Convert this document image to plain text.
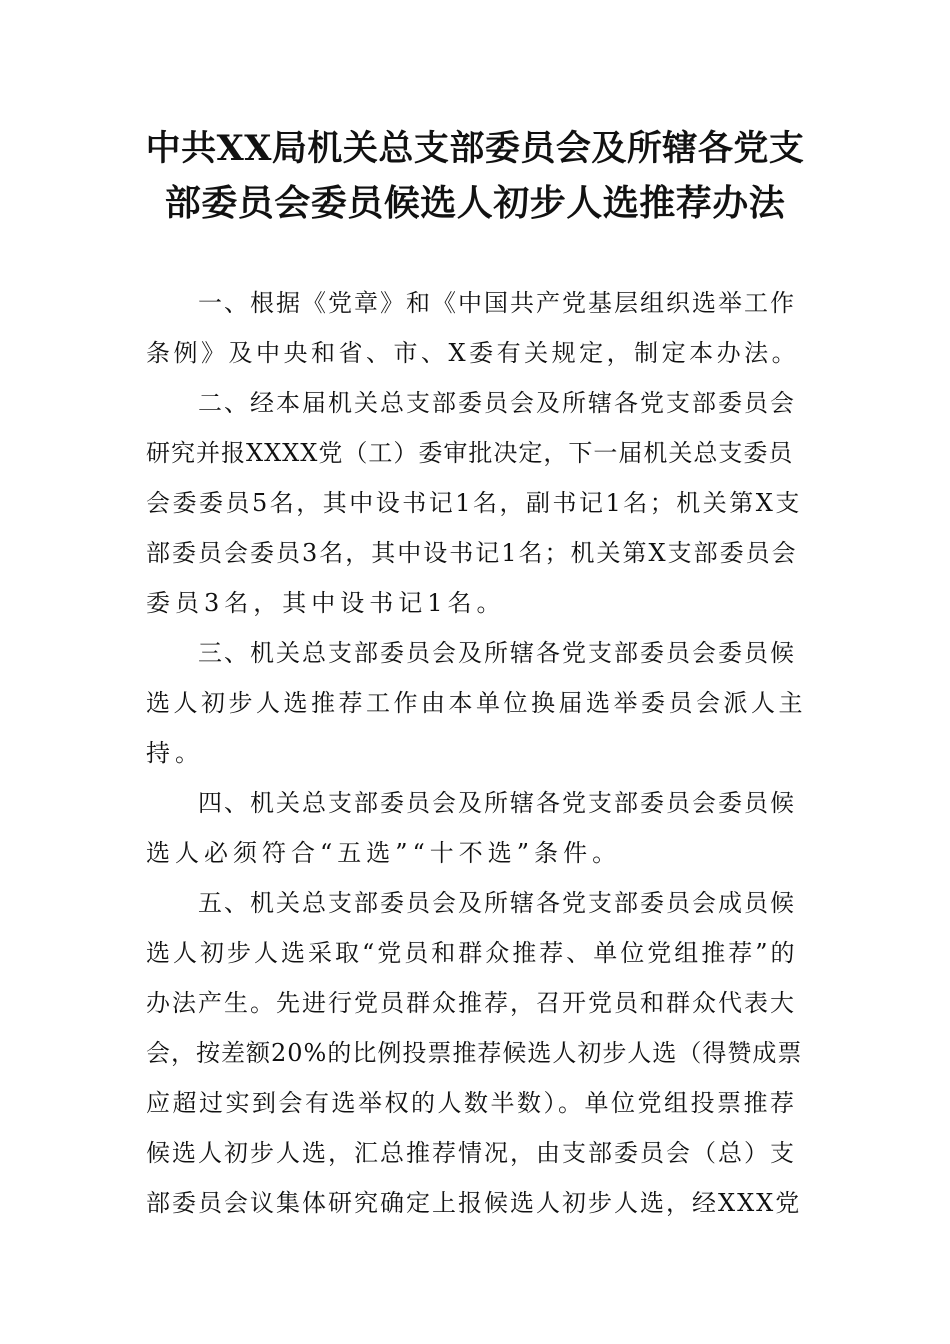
中共XX局机关总支部委员会及所辖各党支
部委员会委员候选人初步人选推荐办法

一、根据《党章》和《中国共产党基层组织选举工作
条例》及中央和省、市、X委有关规定，制定本办法。

二、经本届机关总支部委员会及所辖各党支部委员会
研究并报XXXX党（工）委审批决定，下一届机关总支委员
会委委员5名，其中设书记1名，副书记1名；机关第X支
部委员会委员3名，其中设书记1名；机关第X支部委员会
委员3名，其中设书记1名。

三、机关总支部委员会及所辖各党支部委员会委员候
选人初步人选推荐工作由本单位换届选举委员会派人主
持。

四、机关总支部委员会及所辖各党支部委员会委员候
选人必须符合“五选”“十不选”条件。

五、机关总支部委员会及所辖各党支部委员会成员候
选人初步人选采取“党员和群众推荐、单位党组推荐”的
办法产生。先进行党员群众推荐，召开党员和群众代表大
会，按差额20%的比例投票推荐候选人初步人选（得赞成票
应超过实到会有选举权的人数半数）。单位党组投票推荐
候选人初步人选，汇总推荐情况，由支部委员会（总）支
部委员会议集体研究确定上报候选人初步人选，经XXX党
